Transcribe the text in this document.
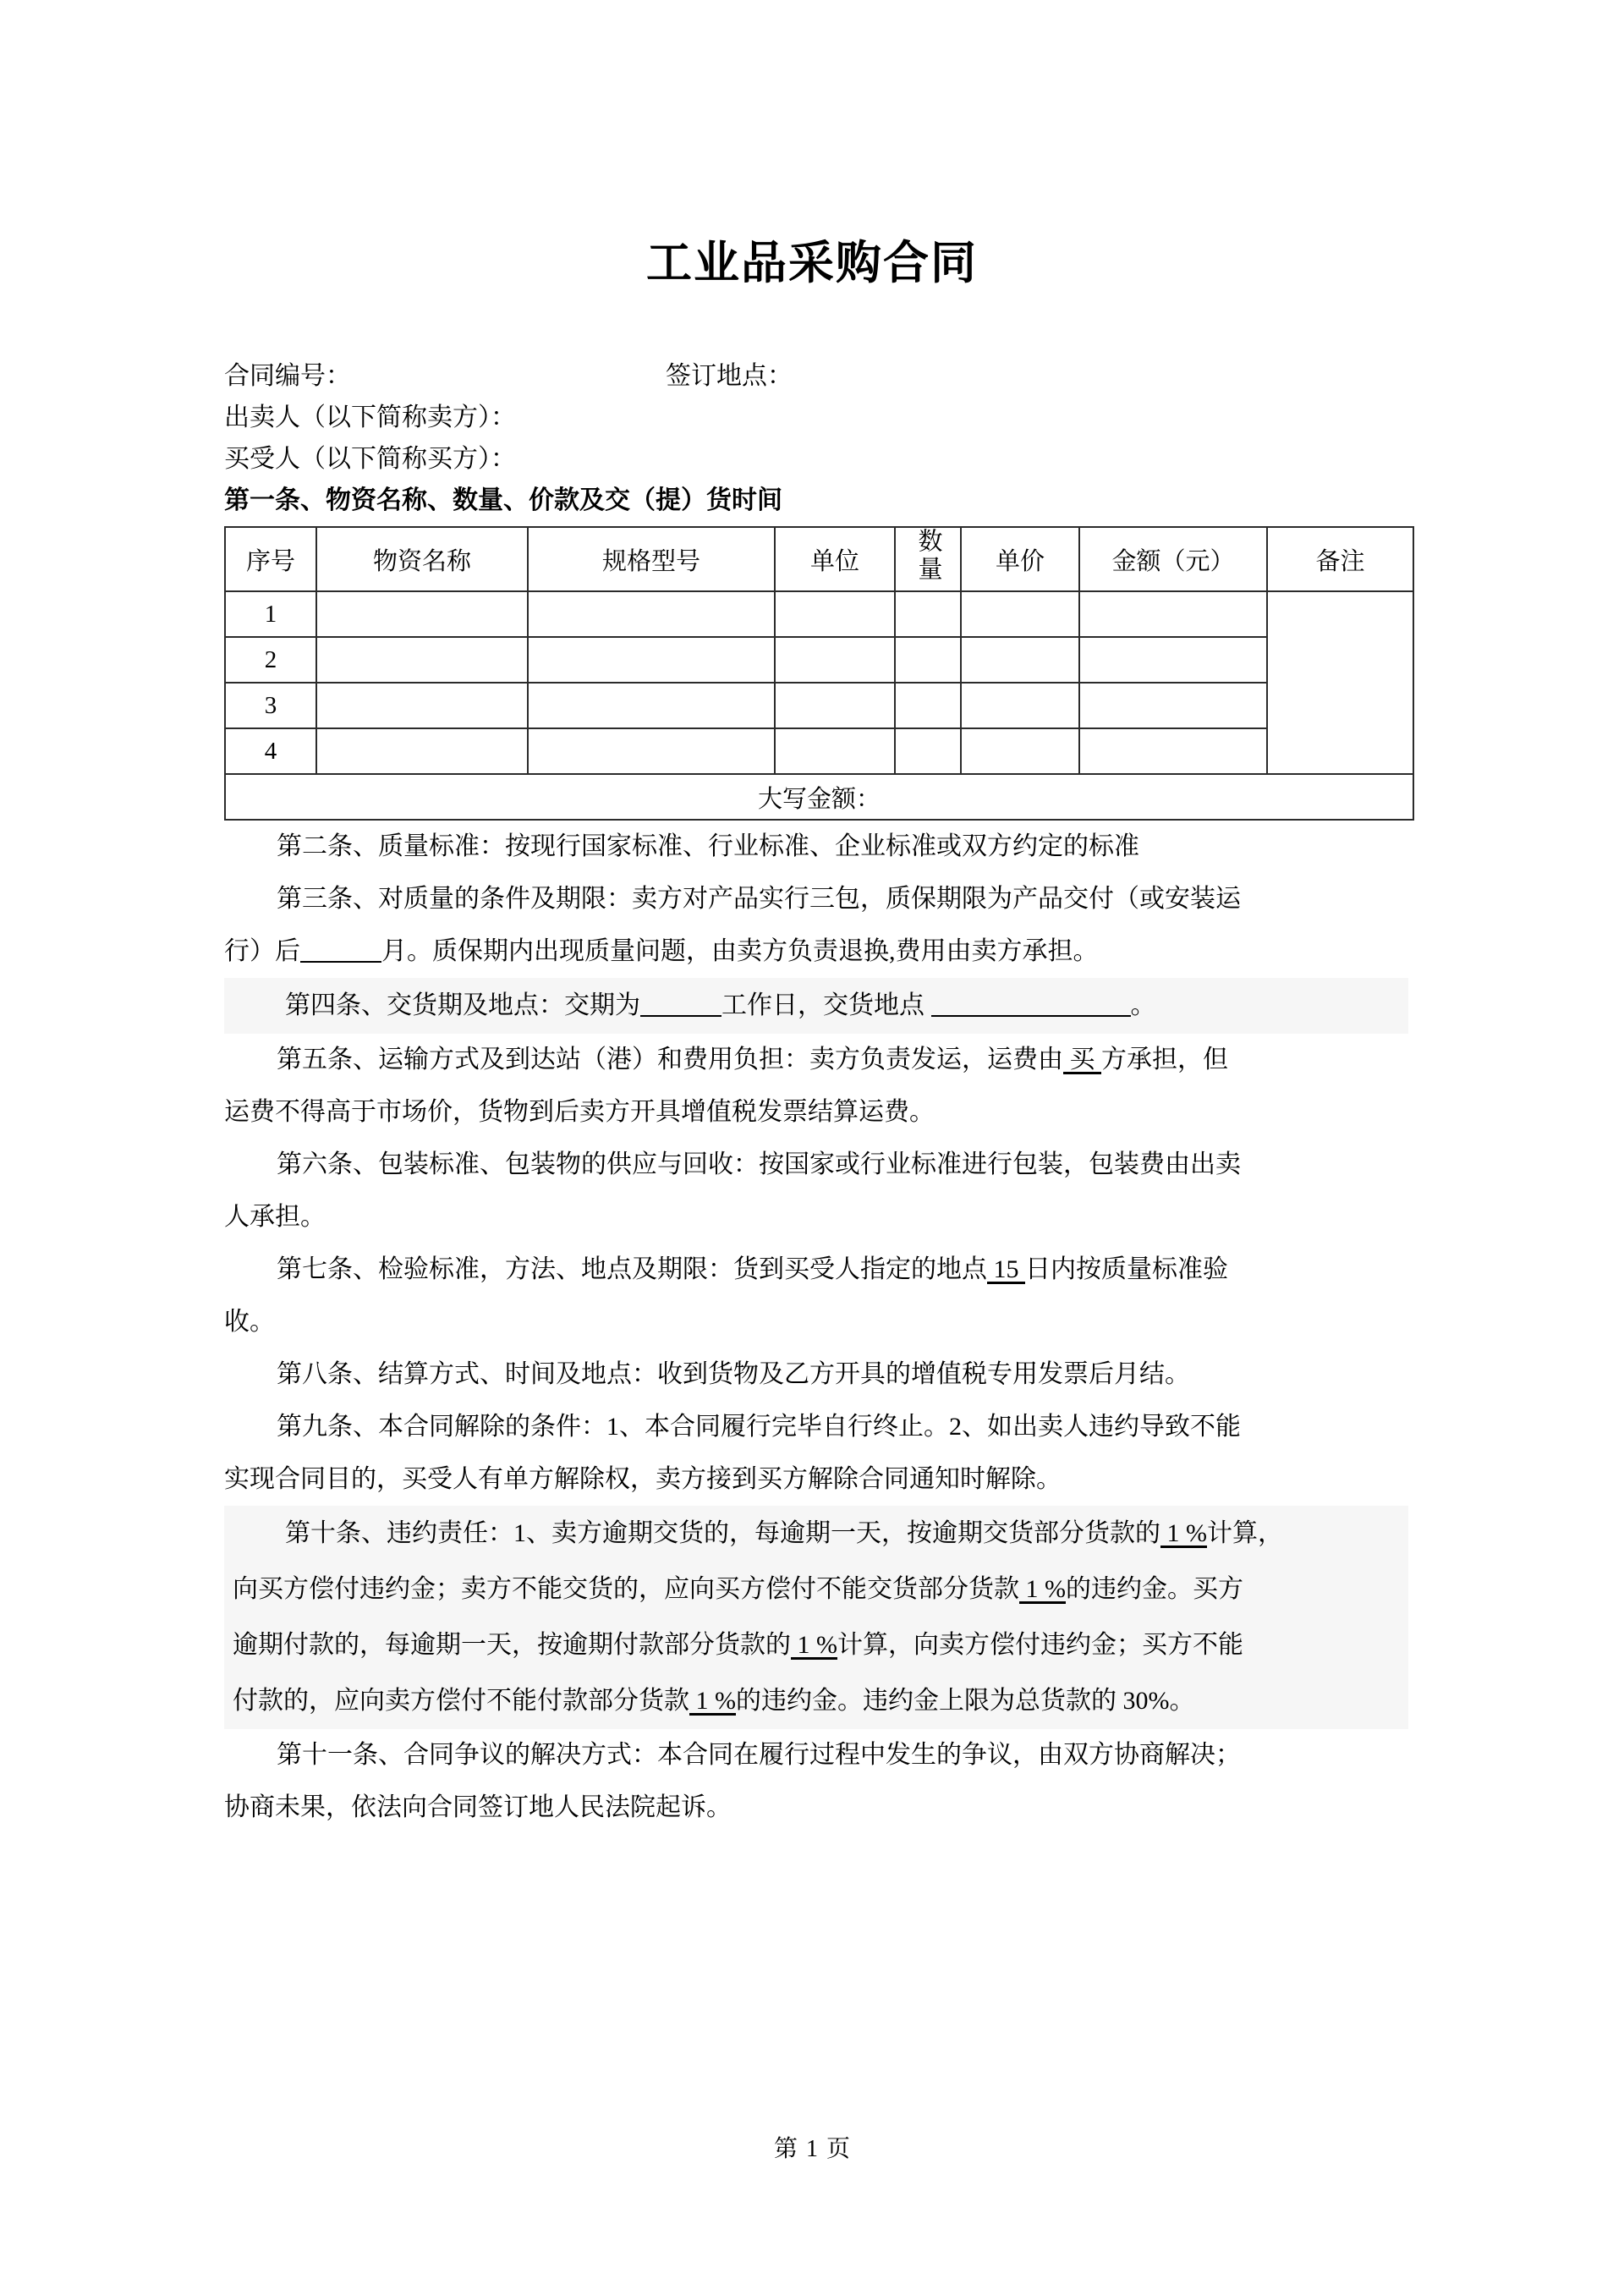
工业品采购合同
合同编号：	签订地点：
出卖人（以下简称卖方）：
买受人（以下简称买方）：
第一条、物资名称、数量、价款及交（提）货时间
序号	物资名称	规格型号	单位	数量	单价	金额（元）	备注
1							
2							
3							
4							
大写金额：							

第二条、质量标准：按现行国家标准、行业标准、企业标准或双方约定的标准

第三条、对质量的条件及期限：卖方对产品实行三包，质保期限为产品交付（或安装运

行）后	月。质保期内出现质量问题，由卖方负责退换,费用由卖方承担。

第四条、交货期及地点：交期为	工作日，交货地点	。

第五条、运输方式及到达站（港）和费用负担：卖方负责发运，运费由 买 方承担，但

运费不得高于市场价，货物到后卖方开具增值税发票结算运费。

第六条、包装标准、包装物的供应与回收：按国家或行业标准进行包装，包装费由出卖

人承担。

第七条、检验标准，方法、地点及期限：货到买受人指定的地点 15 日内按质量标准验

收。

第八条、结算方式、时间及地点：收到货物及乙方开具的增值税专用发票后月结。

第九条、本合同解除的条件：1、本合同履行完毕自行终止。2、如出卖人违约导致不能

实现合同目的，买受人有单方解除权，卖方接到买方解除合同通知时解除。

第十条、违约责任：1、卖方逾期交货的，每逾期一天，按逾期交货部分货款的 1 %计算，

向买方偿付违约金；卖方不能交货的，应向买方偿付不能交货部分货款 1 %的违约金。买方

逾期付款的，每逾期一天，按逾期付款部分货款的 1 %计算，向卖方偿付违约金；买方不能

付款的，应向卖方偿付不能付款部分货款 1 %的违约金。违约金上限为总货款的 30%。

第十一条、合同争议的解决方式：本合同在履行过程中发生的争议，由双方协商解决；

协商未果，依法向合同签订地人民法院起诉。

第 1 页
